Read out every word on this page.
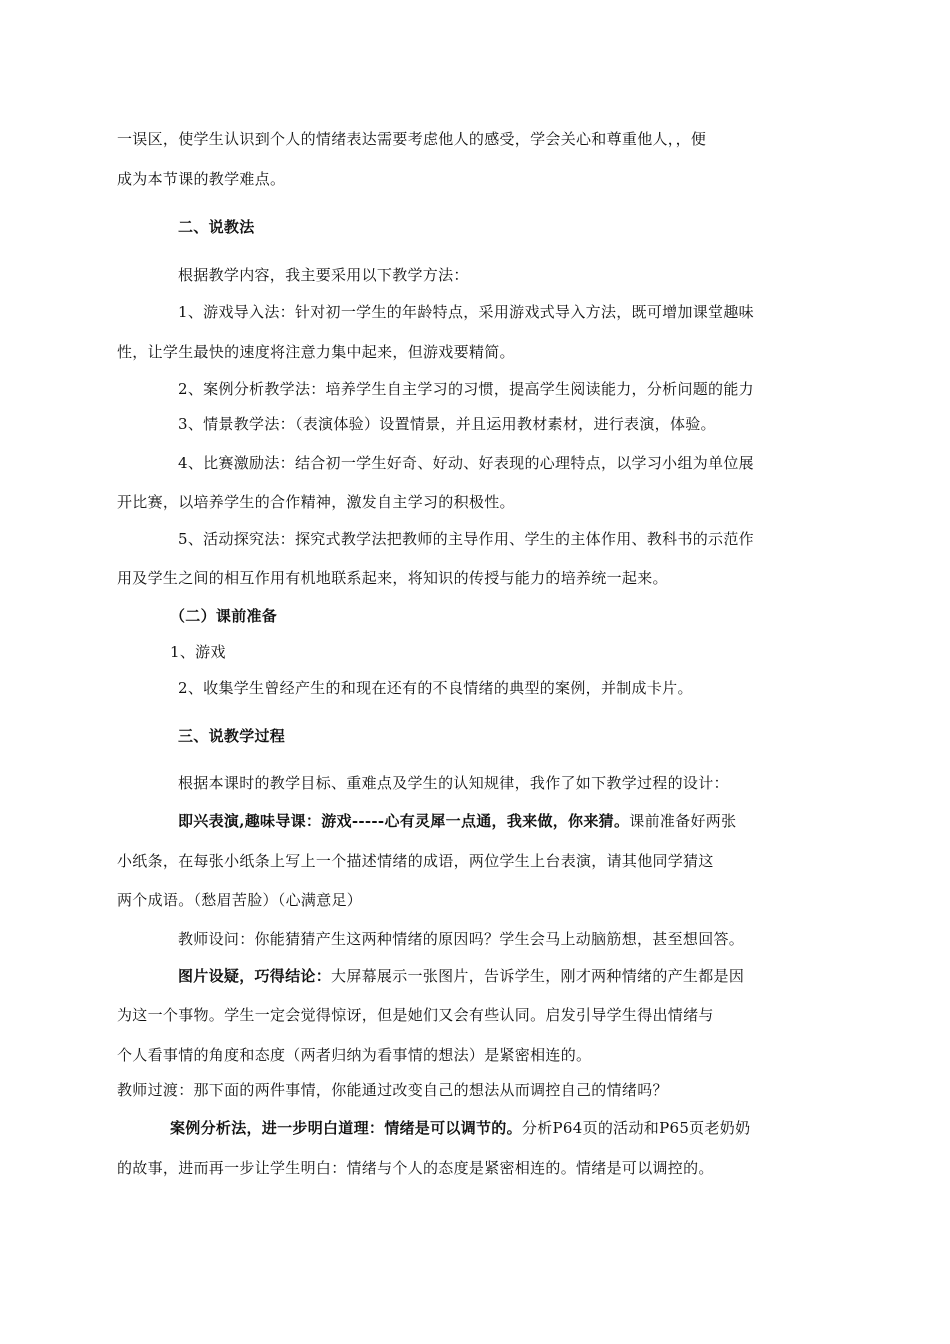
一误区，使学生认识到个人的情绪表达需要考虑他人的感受，学会关心和尊重他人，，便
成为本节课的教学难点。
二、说教法
根据教学内容，我主要采用以下教学方法：
1、游戏导入法：针对初一学生的年龄特点，采用游戏式导入方法，既可增加课堂趣味
性，让学生最快的速度将注意力集中起来，但游戏要精简。
2、案例分析教学法：培养学生自主学习的习惯，提高学生阅读能力，分析问题的能力
3、情景教学法：（表演体验）设置情景，并且运用教材素材，进行表演，体验。
4、比赛激励法：结合初一学生好奇、好动、好表现的心理特点，以学习小组为单位展
开比赛，以培养学生的合作精神，激发自主学习的积极性。
5、活动探究法：探究式教学法把教师的主导作用、学生的主体作用、教科书的示范作
用及学生之间的相互作用有机地联系起来，将知识的传授与能力的培养统一起来。
（二）课前准备
1、游戏
2、收集学生曾经产生的和现在还有的不良情绪的典型的案例，并制成卡片。
三、说教学过程
根据本课时的教学目标、重难点及学生的认知规律，我作了如下教学过程的设计：
即兴表演,趣味导课：游戏-----心有灵犀一点通，我来做，你来猜。课前准备好两张
小纸条，在每张小纸条上写上一个描述情绪的成语，两位学生上台表演，请其他同学猜这
两个成语。（愁眉苦脸）（心满意足）
教师设问：你能猜猜产生这两种情绪的原因吗？学生会马上动脑筋想，甚至想回答。
图片设疑，巧得结论：大屏幕展示一张图片，告诉学生，刚才两种情绪的产生都是因
为这一个事物。学生一定会觉得惊讶，但是她们又会有些认同。启发引导学生得出情绪与
个人看事情的角度和态度（两者归纳为看事情的想法）是紧密相连的。
教师过渡：那下面的两件事情，你能通过改变自己的想法从而调控自己的情绪吗？
案例分析法，进一步明白道理：情绪是可以调节的。分析P64页的活动和P65页老奶奶
的故事，进而再一步让学生明白：情绪与个人的态度是紧密相连的。情绪是可以调控的。
